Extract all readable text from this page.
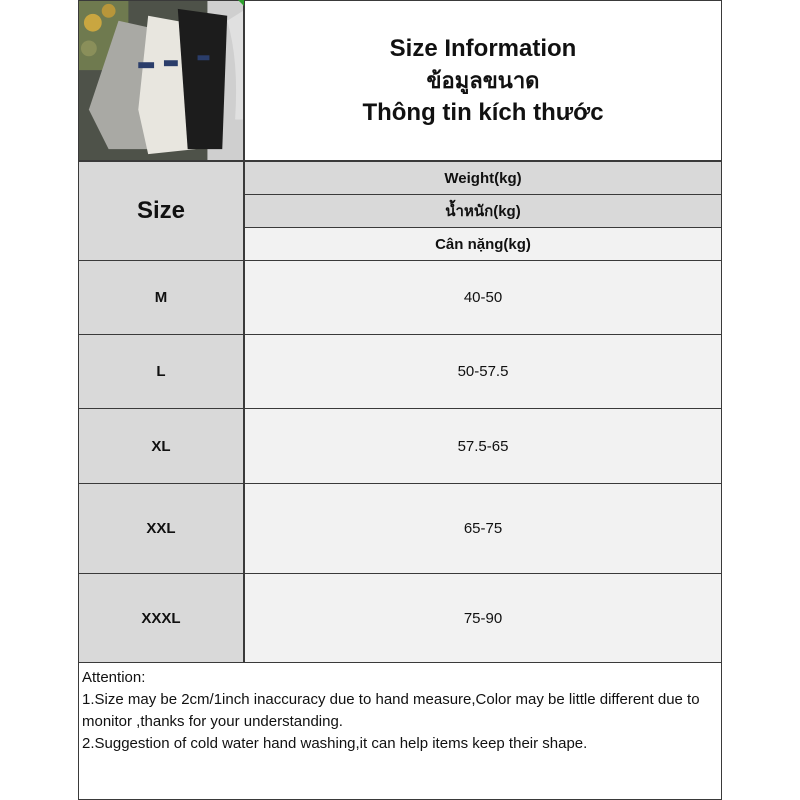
Size Information
ข้อมูลขนาด
Thông tin kích thước
Size
Weight(kg)
น้ำหนัก(kg)
Cân nặng(kg)
M	40-50
L	50-57.5
XL	57.5-65
XXL	65-75
XXXL	75-90
Attention:
1.Size may be 2cm/1inch inaccuracy due to hand measure,Color may be little different due to monitor ,thanks for your understanding.
2.Suggestion of cold water hand washing,it can help items keep their shape.
